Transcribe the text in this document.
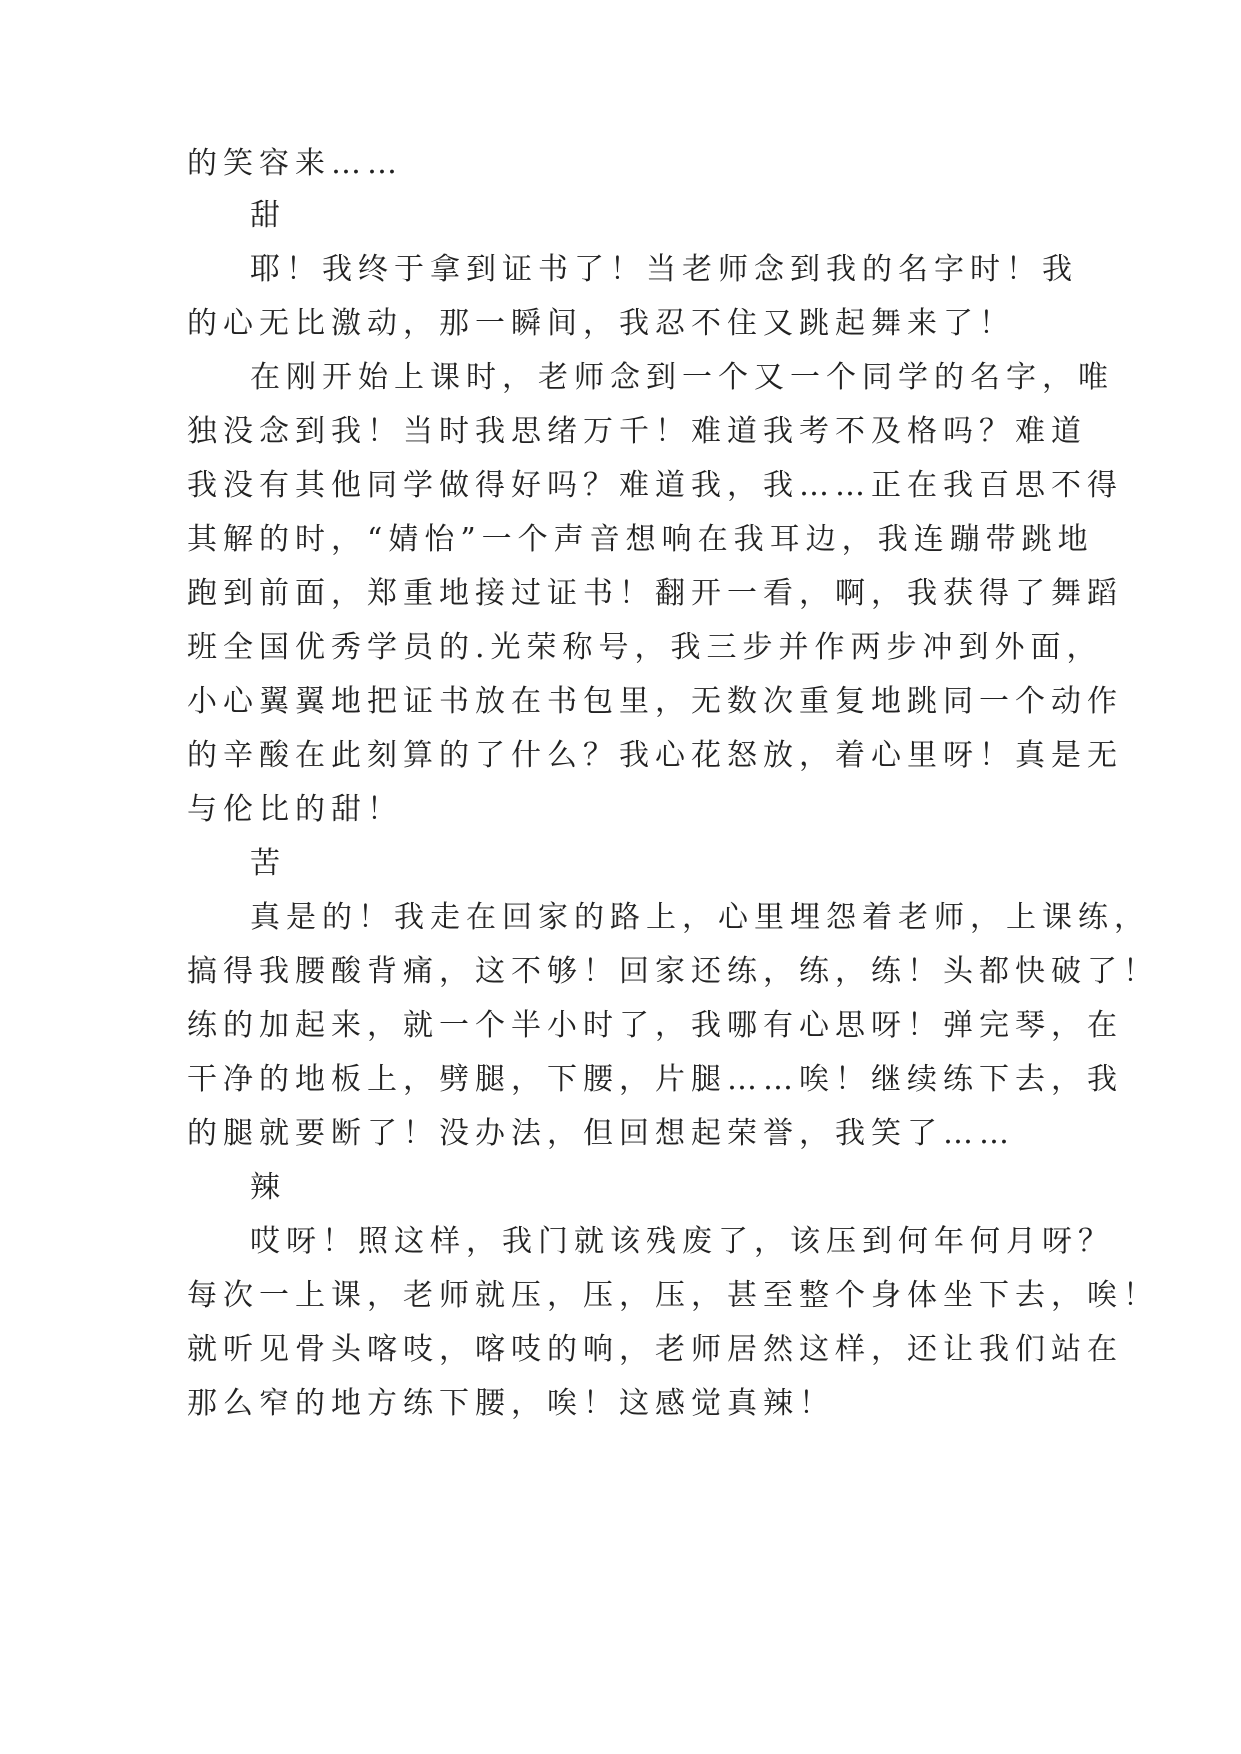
的笑容来……
甜
耶！我终于拿到证书了！当老师念到我的名字时！我
的心无比激动，那一瞬间，我忍不住又跳起舞来了！
在刚开始上课时，老师念到一个又一个同学的名字，唯
独没念到我！当时我思绪万千！难道我考不及格吗？难道
我没有其他同学做得好吗？难道我，我……正在我百思不得
其解的时，“婧怡”一个声音想响在我耳边，我连蹦带跳地
跑到前面，郑重地接过证书！翻开一看，啊，我获得了舞蹈
班全国优秀学员的.光荣称号，我三步并作两步冲到外面，
小心翼翼地把证书放在书包里，无数次重复地跳同一个动作
的辛酸在此刻算的了什么？我心花怒放，着心里呀！真是无
与伦比的甜！
苦
真是的！我走在回家的路上，心里埋怨着老师，上课练，
搞得我腰酸背痛，这不够！回家还练，练，练！头都快破了！
练的加起来，就一个半小时了，我哪有心思呀！弹完琴，在
干净的地板上，劈腿，下腰，片腿……唉！继续练下去，我
的腿就要断了！没办法，但回想起荣誉，我笑了……
辣
哎呀！照这样，我门就该残废了，该压到何年何月呀？
每次一上课，老师就压，压，压，甚至整个身体坐下去，唉！
就听见骨头喀吱，喀吱的响，老师居然这样，还让我们站在
那么窄的地方练下腰，唉！这感觉真辣！
